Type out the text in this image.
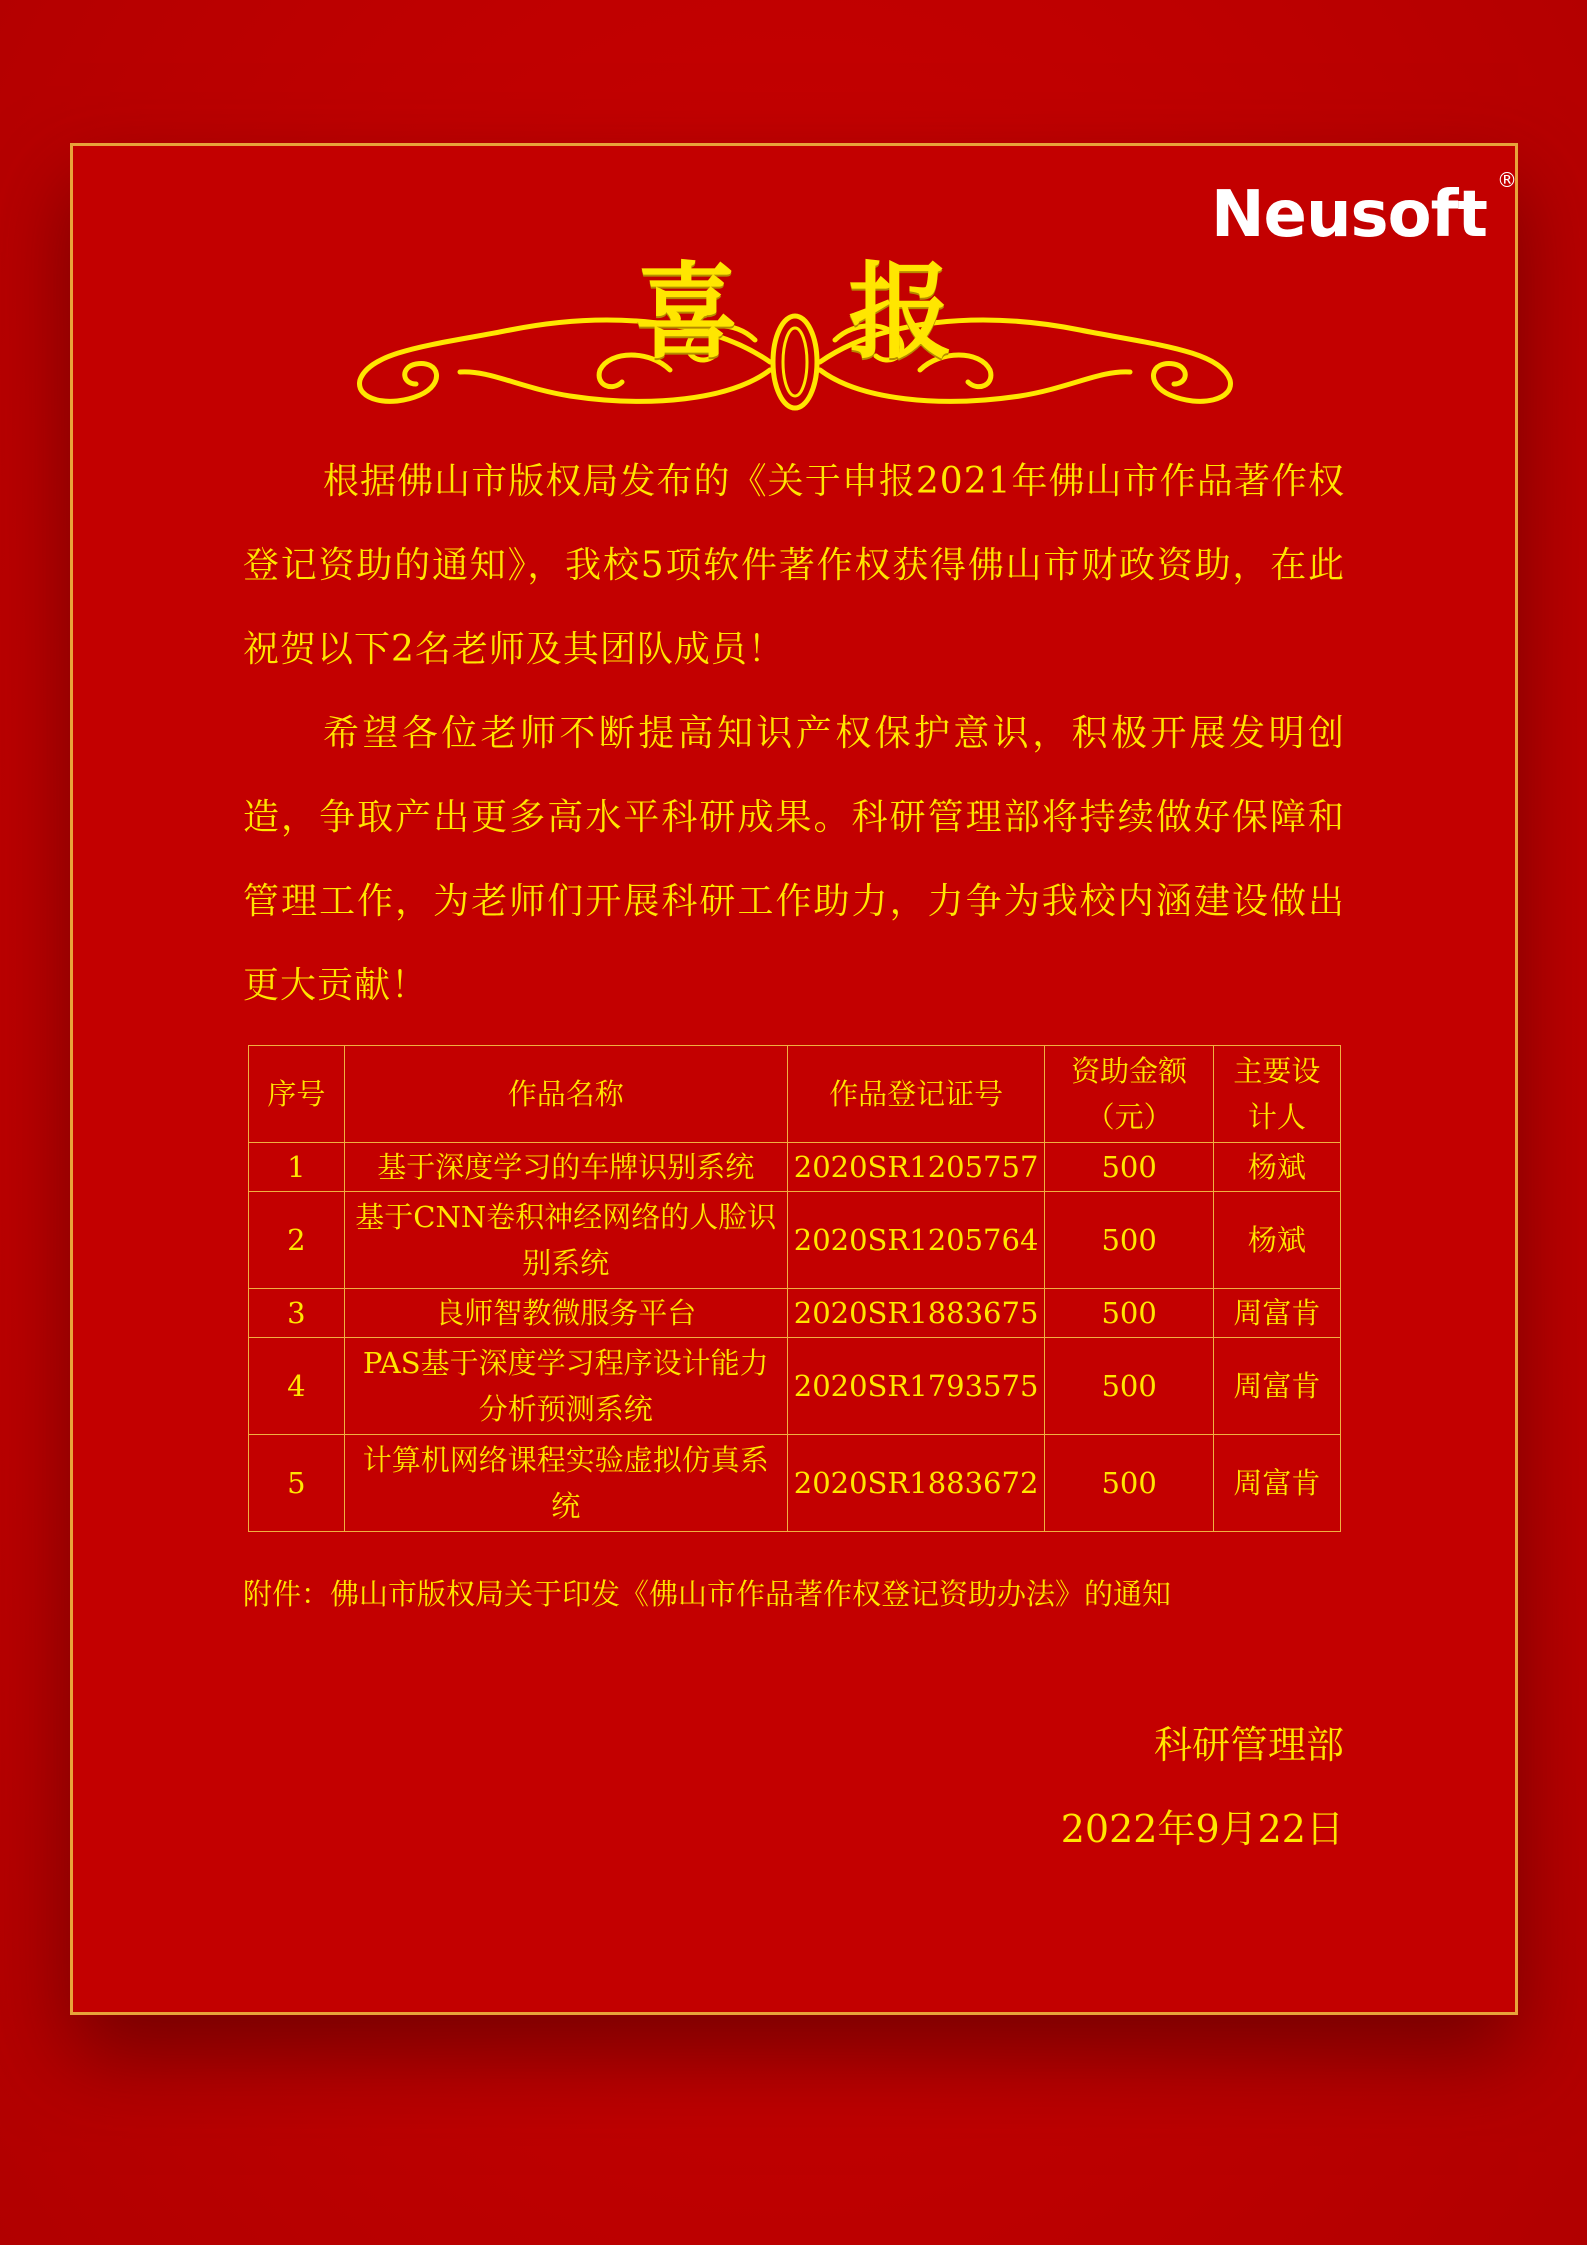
Neusoft ®
喜报

根据佛山市版权局发布的《关于申报2021年佛山市作品著作权登记资助的通知》，我校5项软件著作权获得佛山市财政资助，在此祝贺以下2名老师及其团队成员！

希望各位老师不断提高知识产权保护意识，积极开展发明创造，争取产出更多高水平科研成果。科研管理部将持续做好保障和管理工作，为老师们开展科研工作助力，力争为我校内涵建设做出更大贡献！

序号	作品名称	作品登记证号	资助金额（元）	主要设计人
1	基于深度学习的车牌识别系统	2020SR1205757	500	杨斌
2	基于CNN卷积神经网络的人脸识别系统	2020SR1205764	500	杨斌
3	良师智教微服务平台	2020SR1883675	500	周富肯
4	PAS基于深度学习程序设计能力分析预测系统	2020SR1793575	500	周富肯
5	计算机网络课程实验虚拟仿真系统	2020SR1883672	500	周富肯
附件：佛山市版权局关于印发《佛山市作品著作权登记资助办法》的通知
科研管理部
2022年9月22日
